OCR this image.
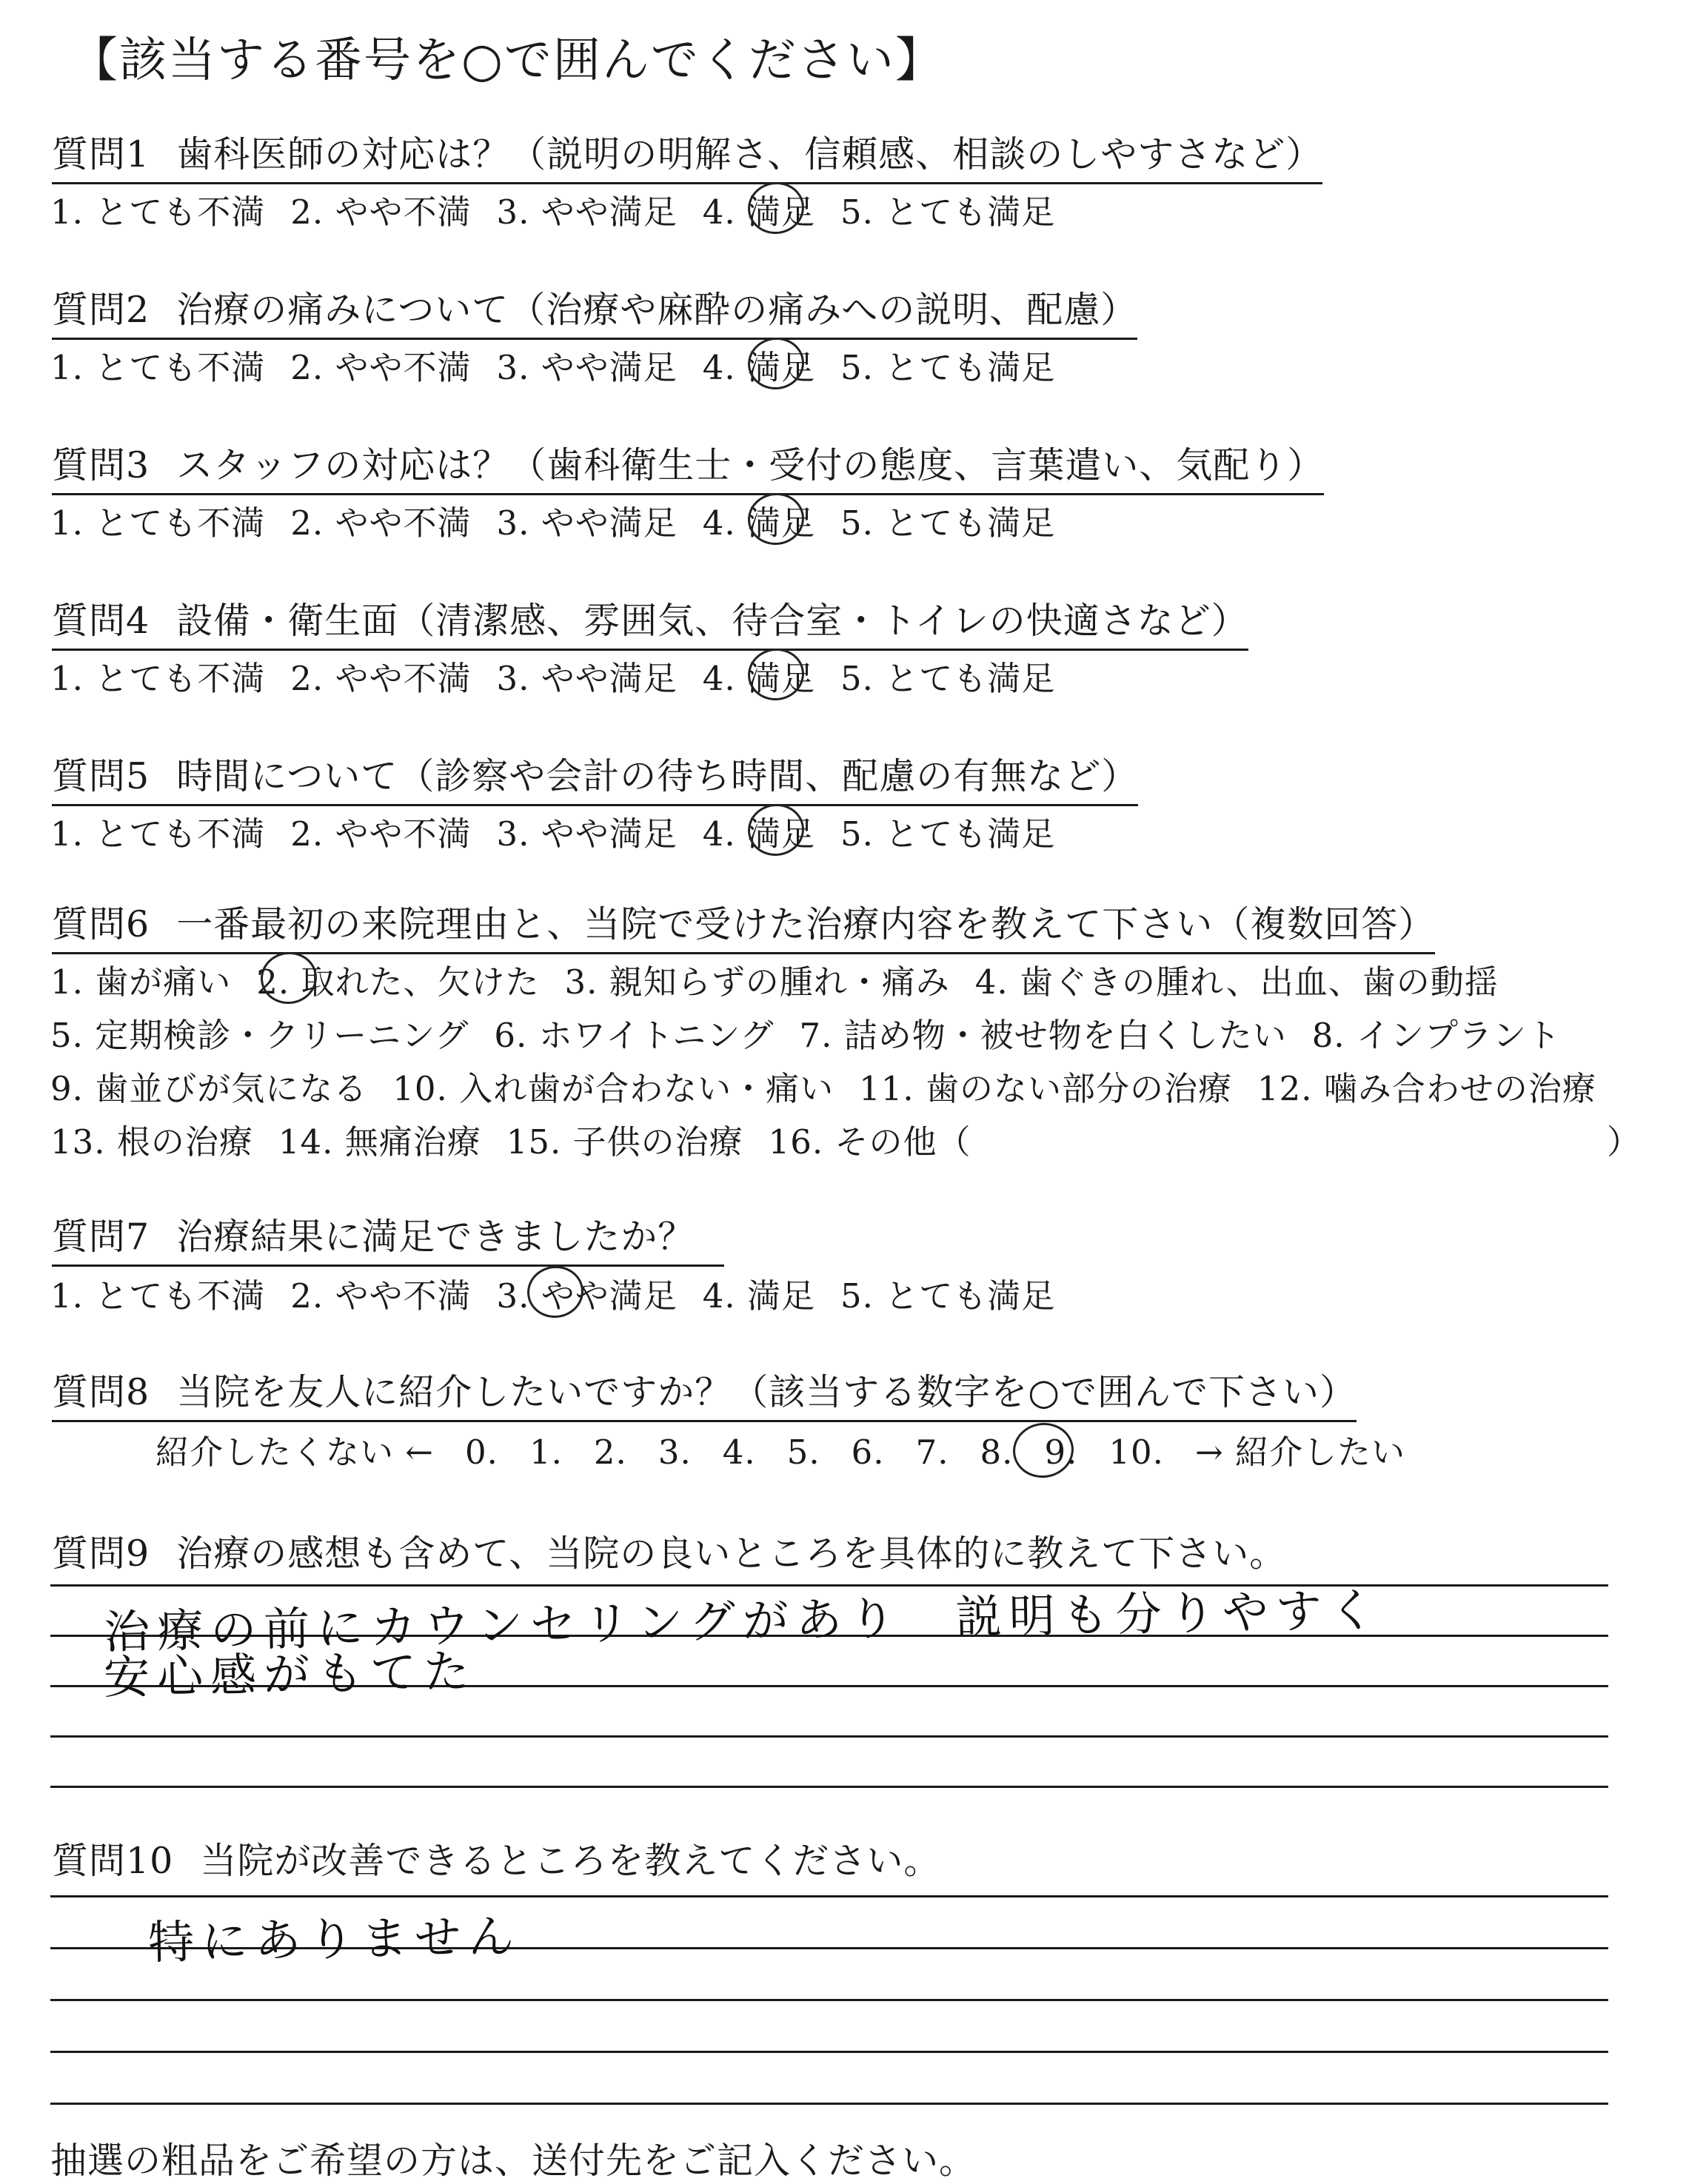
【該当する番号を○で囲んでください】
質問1 歯科医師の対応は？（説明の明解さ、信頼感、相談のしやすさなど）
1. とても不満 2. やや不満 3. やや満足 4. 満足 5. とても満足
質問2 治療の痛みについて（治療や麻酔の痛みへの説明、配慮）
1. とても不満 2. やや不満 3. やや満足 4. 満足 5. とても満足
質問3 スタッフの対応は？（歯科衛生士・受付の態度、言葉遣い、気配り）
1. とても不満 2. やや不満 3. やや満足 4. 満足 5. とても満足
質問4 設備・衛生面（清潔感、雰囲気、待合室・トイレの快適さなど）
1. とても不満 2. やや不満 3. やや満足 4. 満足 5. とても満足
質問5 時間について（診察や会計の待ち時間、配慮の有無など）
1. とても不満 2. やや不満 3. やや満足 4. 満足 5. とても満足
質問6 一番最初の来院理由と、当院で受けた治療内容を教えて下さい（複数回答）
1. 歯が痛い 2. 取れた、欠けた 3. 親知らずの腫れ・痛み 4. 歯ぐきの腫れ、出血、歯の動揺
5. 定期検診・クリーニング 6. ホワイトニング 7. 詰め物・被せ物を白くしたい 8. インプラント
9. 歯並びが気になる 10. 入れ歯が合わない・痛い 11. 歯のない部分の治療 12. 噛み合わせの治療
13. 根の治療 14. 無痛治療 15. 子供の治療 16. その他（	）
質問7 治療結果に満足できましたか？
1. とても不満 2. やや不満 3. やや満足 4. 満足 5. とても満足
質問8 当院を友人に紹介したいですか？（該当する数字を○で囲んで下さい）
紹介したくない ← 0. 1. 2. 3. 4. 5. 6. 7. 8. 9. 10. → 紹介したい
質問9 治療の感想も含めて、当院の良いところを具体的に教えて下さい。
治療の前にカウンセリングがあり　説明も分りやすく
安心感がもてた
質問10 当院が改善できるところを教えてください。
特にありません
抽選の粗品をご希望の方は、送付先をご記入ください。
